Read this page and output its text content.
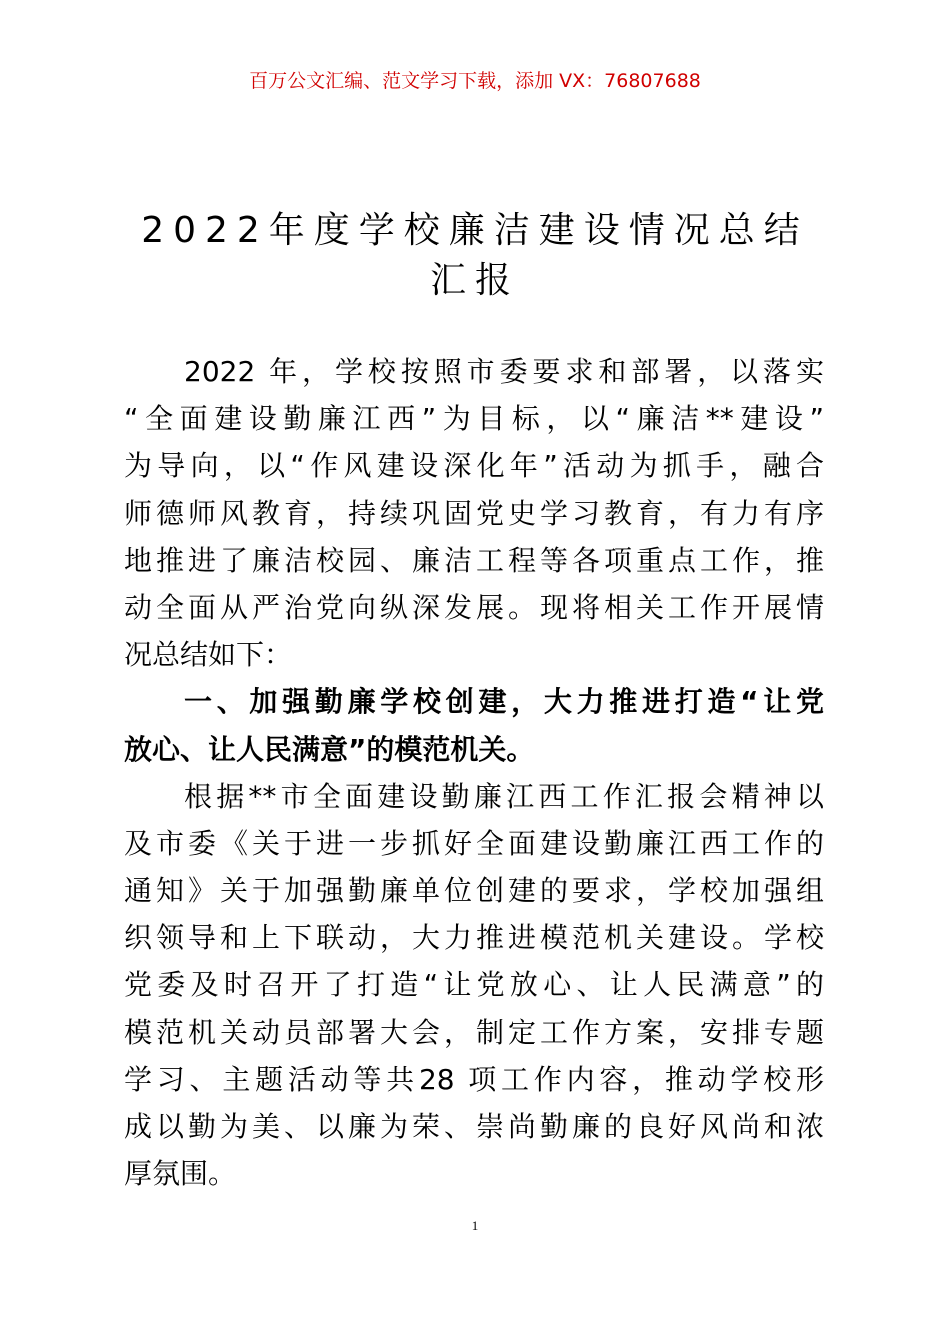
百万公文汇编、范文学习下载，添加 VX：76807688
2022年度学校廉洁建设情况总结
汇报
2022 年，学校按照市委要求和部署，以落实
“全面建设勤廉江西”为目标，以“廉洁**建设”
为导向，以“作风建设深化年”活动为抓手，融合
师德师风教育，持续巩固党史学习教育，有力有序
地推进了廉洁校园、廉洁工程等各项重点工作，推
动全面从严治党向纵深发展。现将相关工作开展情
况总结如下：
一、加强勤廉学校创建，大力推进打造“让党
放心、让人民满意”的模范机关。
根据**市全面建设勤廉江西工作汇报会精神以
及市委《关于进一步抓好全面建设勤廉江西工作的
通知》关于加强勤廉单位创建的要求，学校加强组
织领导和上下联动，大力推进模范机关建设。学校
党委及时召开了打造“让党放心、让人民满意”的
模范机关动员部署大会，制定工作方案，安排专题
学习、主题活动等共28 项工作内容，推动学校形
成以勤为美、以廉为荣、崇尚勤廉的良好风尚和浓
厚氛围。
1
